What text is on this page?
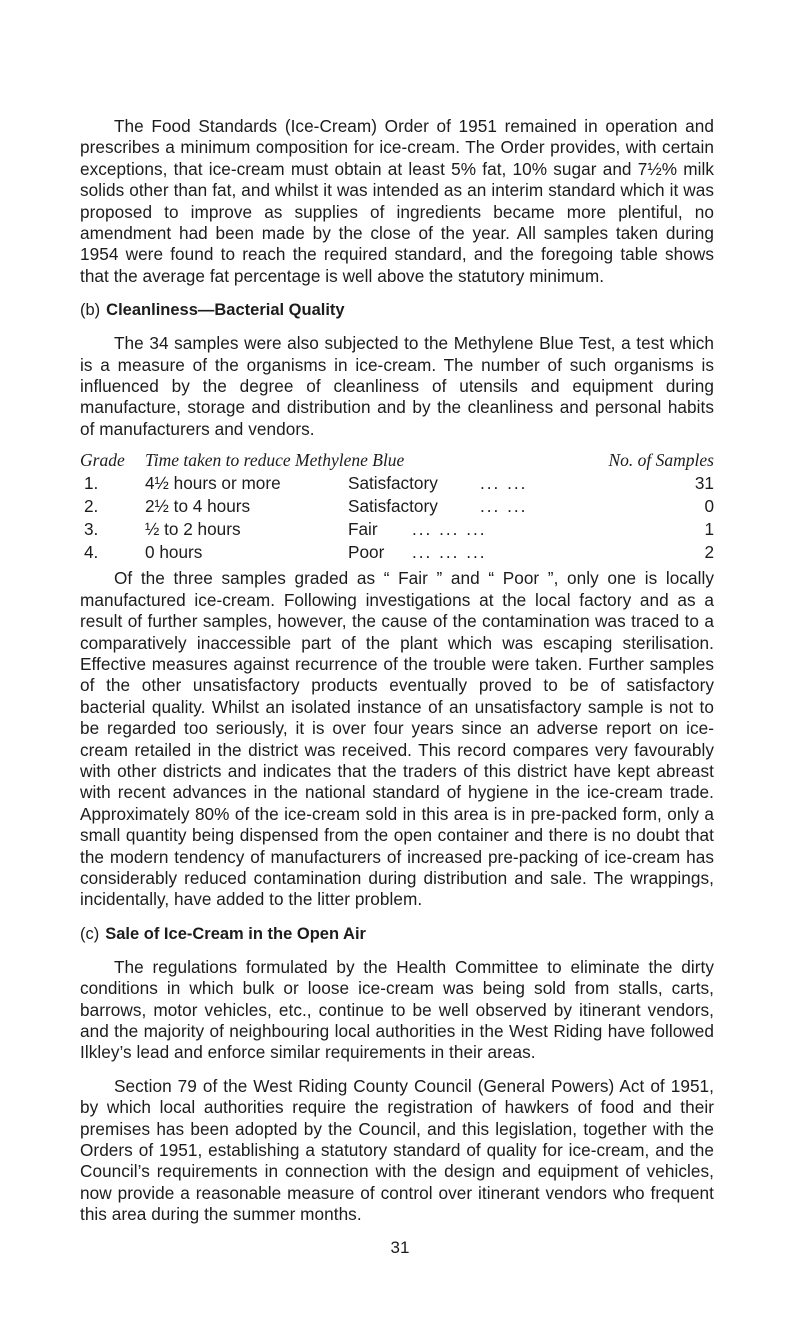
The Food Standards (Ice-Cream) Order of 1951 remained in operation and prescribes a minimum composition for ice-cream. The Order provides, with certain exceptions, that ice-cream must obtain at least 5% fat, 10% sugar and 7½% milk solids other than fat, and whilst it was intended as an interim standard which it was proposed to improve as supplies of ingredients became more plentiful, no amendment had been made by the close of the year. All samples taken during 1954 were found to reach the required standard, and the foregoing table shows that the average fat percentage is well above the statutory minimum.

(b) Cleanliness—Bacterial Quality

The 34 samples were also subjected to the Methylene Blue Test, a test which is a measure of the organisms in ice-cream. The number of such organisms is influenced by the degree of cleanliness of utensils and equipment during manufacture, storage and distribution and by the cleanliness and personal habits of manufacturers and vendors.

Grade Time taken to reduce Methylene Blue	No. of Samples
1.	4½ hours or more	Satisfactory ... ...	31
2.	2½ to 4 hours	Satisfactory ... ...	0
3.	½ to 2 hours	Fair ... ... ...	1
4.	0 hours	Poor ... ... ...	2

Of the three samples graded as “ Fair ” and “ Poor ”, only one is locally manufactured ice-cream. Following investigations at the local factory and as a result of further samples, however, the cause of the contamination was traced to a comparatively inaccessible part of the plant which was escaping sterilisation. Effective measures against recurrence of the trouble were taken. Further samples of the other unsatisfactory products eventually proved to be of satisfactory bacterial quality. Whilst an isolated instance of an unsatisfactory sample is not to be regarded too seriously, it is over four years since an adverse report on ice-cream retailed in the district was received. This record compares very favourably with other districts and indicates that the traders of this district have kept abreast with recent advances in the national standard of hygiene in the ice-cream trade. Approximately 80% of the ice-cream sold in this area is in pre-packed form, only a small quantity being dispensed from the open container and there is no doubt that the modern tendency of manufacturers of increased pre-packing of ice-cream has considerably reduced contamination during distribution and sale. The wrappings, incidentally, have added to the litter problem.

(c) Sale of Ice-Cream in the Open Air

The regulations formulated by the Health Committee to eliminate the dirty conditions in which bulk or loose ice-cream was being sold from stalls, carts, barrows, motor vehicles, etc., continue to be well observed by itinerant vendors, and the majority of neighbouring local authorities in the West Riding have followed Ilkley’s lead and enforce similar requirements in their areas.

Section 79 of the West Riding County Council (General Powers) Act of 1951, by which local authorities require the registration of hawkers of food and their premises has been adopted by the Council, and this legislation, together with the Orders of 1951, establishing a statutory standard of quality for ice-cream, and the Council’s requirements in connection with the design and equipment of vehicles, now provide a reasonable measure of control over itinerant vendors who frequent this area during the summer months.

31
